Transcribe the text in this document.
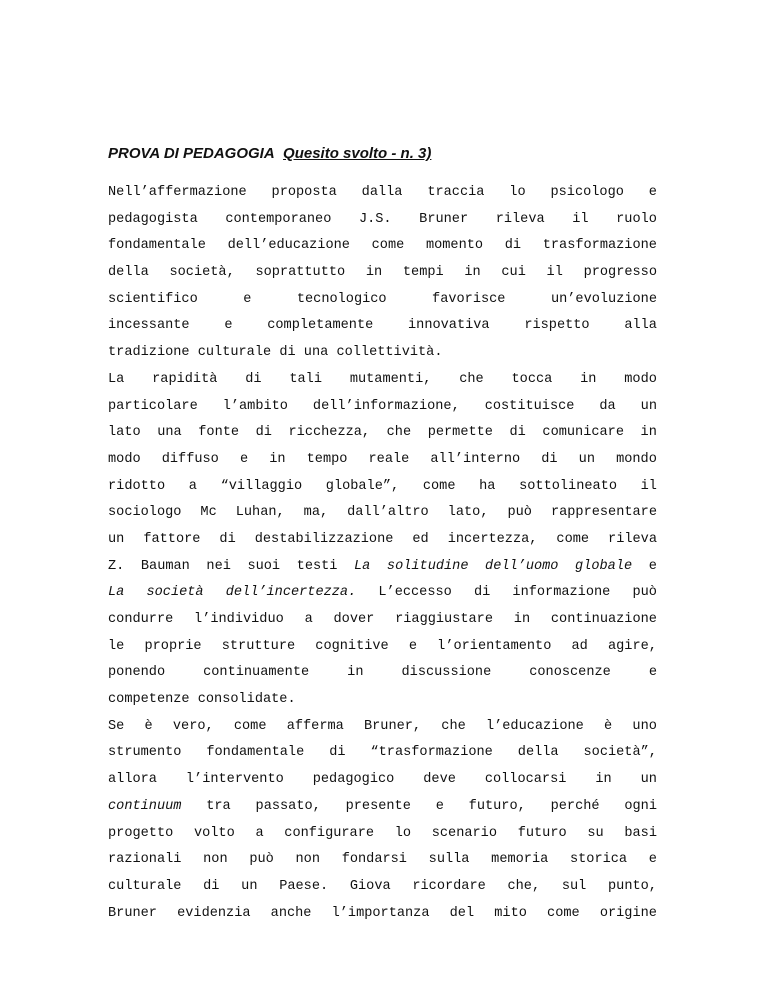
PROVA DI PEDAGOGIA Quesito svolto - n. 3)

Nell’affermazione proposta dalla traccia lo psicologo e
pedagogista contemporaneo J.S. Bruner rileva il ruolo
fondamentale dell’educazione come momento di trasformazione
della società, soprattutto in tempi in cui il progresso
scientifico	e	tecnologico	favorisce	un’evoluzione
incessante	e	completamente	innovativa	rispetto	alla
tradizione culturale di una collettività.
La rapidità di tali mutamenti, che tocca in modo
particolare l’ambito dell’informazione, costituisce da un
lato una fonte di ricchezza, che permette di comunicare in
modo diffuso e in tempo reale all’interno di un mondo
ridotto a “villaggio globale”, come ha sottolineato il
sociologo Mc Luhan, ma, dall’altro lato, può rappresentare
un fattore di destabilizzazione ed incertezza, come rileva
Z. Bauman nei suoi testi La solitudine dell’uomo globale e
La società dell’incertezza. L’eccesso di informazione può
condurre l’individuo a dover riaggiustare in continuazione
le proprie strutture cognitive e l’orientamento ad agire,
ponendo	continuamente	in	discussione	conoscenze	e
competenze consolidate.
Se è vero, come afferma Bruner, che l’educazione è uno
strumento fondamentale di “trasformazione della società”,
allora l’intervento pedagogico deve collocarsi in un
continuum tra passato, presente e futuro, perché ogni
progetto volto a configurare lo scenario futuro su basi
razionali non può non fondarsi sulla memoria storica e
culturale di un Paese. Giova ricordare che, sul punto,
Bruner evidenzia anche l’importanza del mito come origine
